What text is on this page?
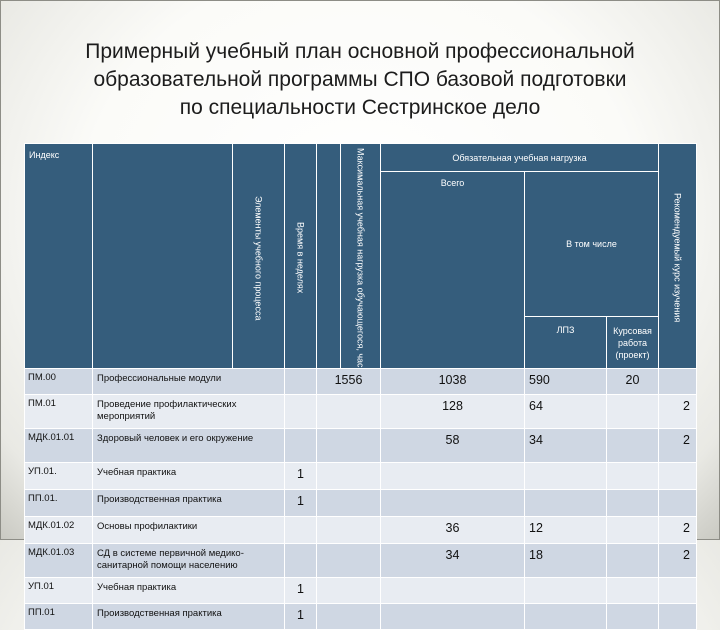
Примерный учебный план основной профессиональной
образовательной программы СПО базовой подготовки
по специальности Сестринское дело
Индекс		Элементы учебного процесса	Время в неделях		Максимальная учебная нагрузка обучающегося, час	Обязательная учебная нагрузка			Рекомендуемый курс изучения

						Всего	В том числе		
							ЛПЗ	Курсовая работа (проект)	
ПМ.00	Профессиональные модули			1556		1038	590	20	
ПМ.01	Проведение профилактических мероприятий					128	64		2
МДК.01.01	Здоровый человек и его окружение					58	34		2
УП.01.	Учебная практика		1						
ПП.01.	Производственная практика		1						
МДК.01.02	Основы профилактики					36	12		2
МДК.01.03	СД в системе первичной медико-санитарной помощи населению					34	18		2
УП.01	Учебная практика		1						
ПП.01	Производственная практика		1						
